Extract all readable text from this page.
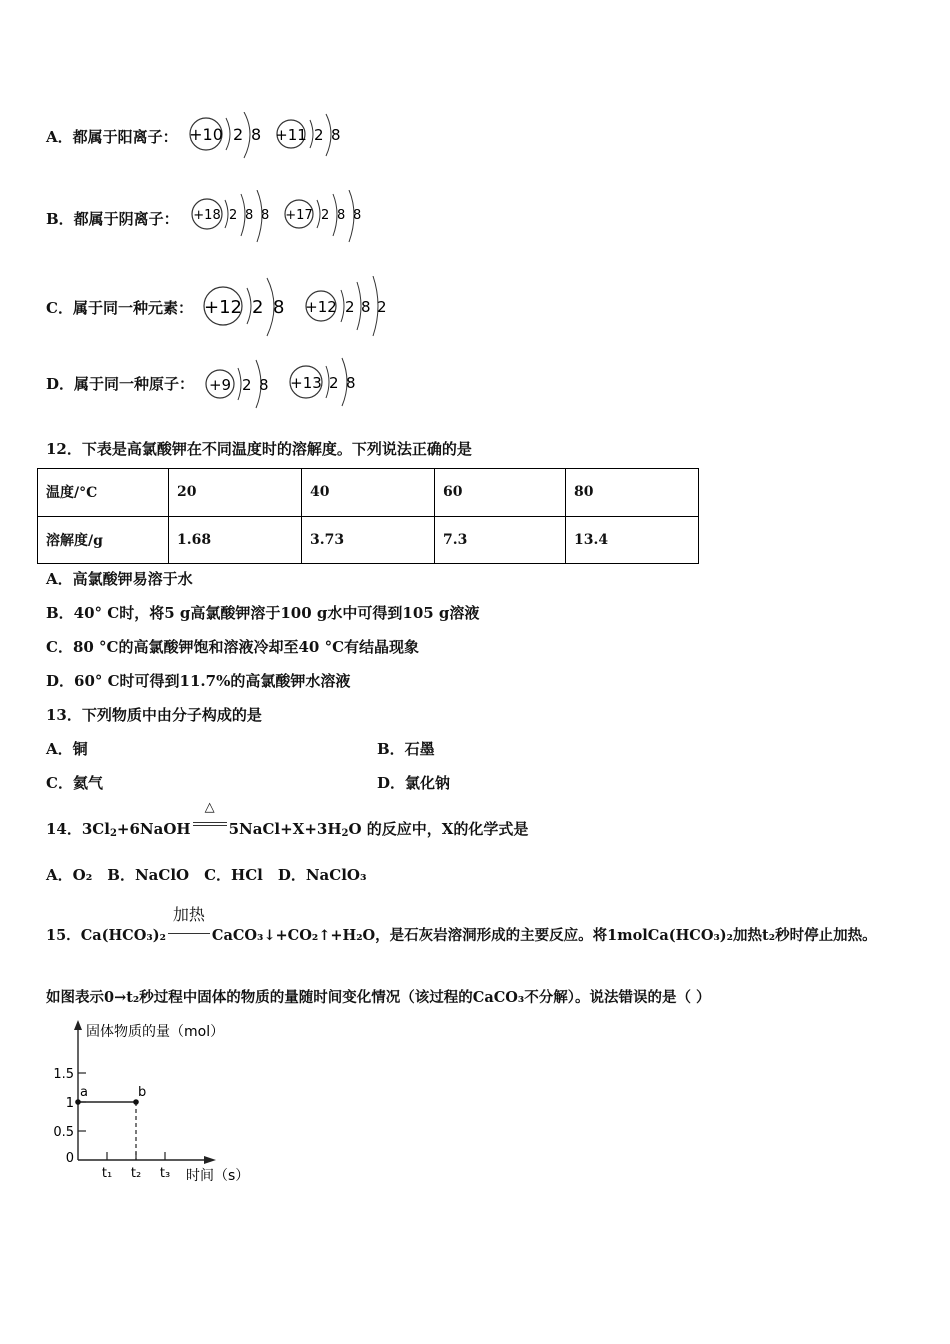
A．都属于阳离子： +10 2 8 +11 2 8
B．都属于阴离子： +18 2 8 8 +17 2 8 8
C．属于同一种元素： +12 2 8 +12 2 8 2
D．属于同一种原子： +9 2 8 +13 2 8
12．下表是高氯酸钾在不同温度时的溶解度。下列说法正确的是
温度/°C	20	40	60	80
溶解度/g	1.68	3.73	7.3	13.4
A．高氯酸钾易溶于水
B．40° C时，将5 g高氯酸钾溶于100 g水中可得到105 g溶液
C．80 °C的高氯酸钾饱和溶液冷却至40 °C有结晶现象
D．60° C时可得到11.7%的高氯酸钾水溶液
13．下列物质中由分子构成的是
A．铜	B．石墨
C．氦气	D．氯化钠
14．$3Cl_2+6NaOH$
△
$5NaCl+X+3H_2O$ 的反应中，X的化学式是
A．O₂　B．NaClO　C．HCl　D．NaClO₃
15．Ca(HCO₃)₂
加热
CaCO₃↓+CO₂↑+H₂O，是石灰岩溶洞形成的主要反应。将1molCa(HCO₃)₂加热t₂秒时停止加热。
如图表示0→t₂秒过程中固体的物质的量随时间变化情况（该过程的CaCO₃不分解）。说法错误的是（ ）
固体物质的量（mol）
时间（s）
0
0.5
1
1.5
t₁ t₂ t₃
a	b
